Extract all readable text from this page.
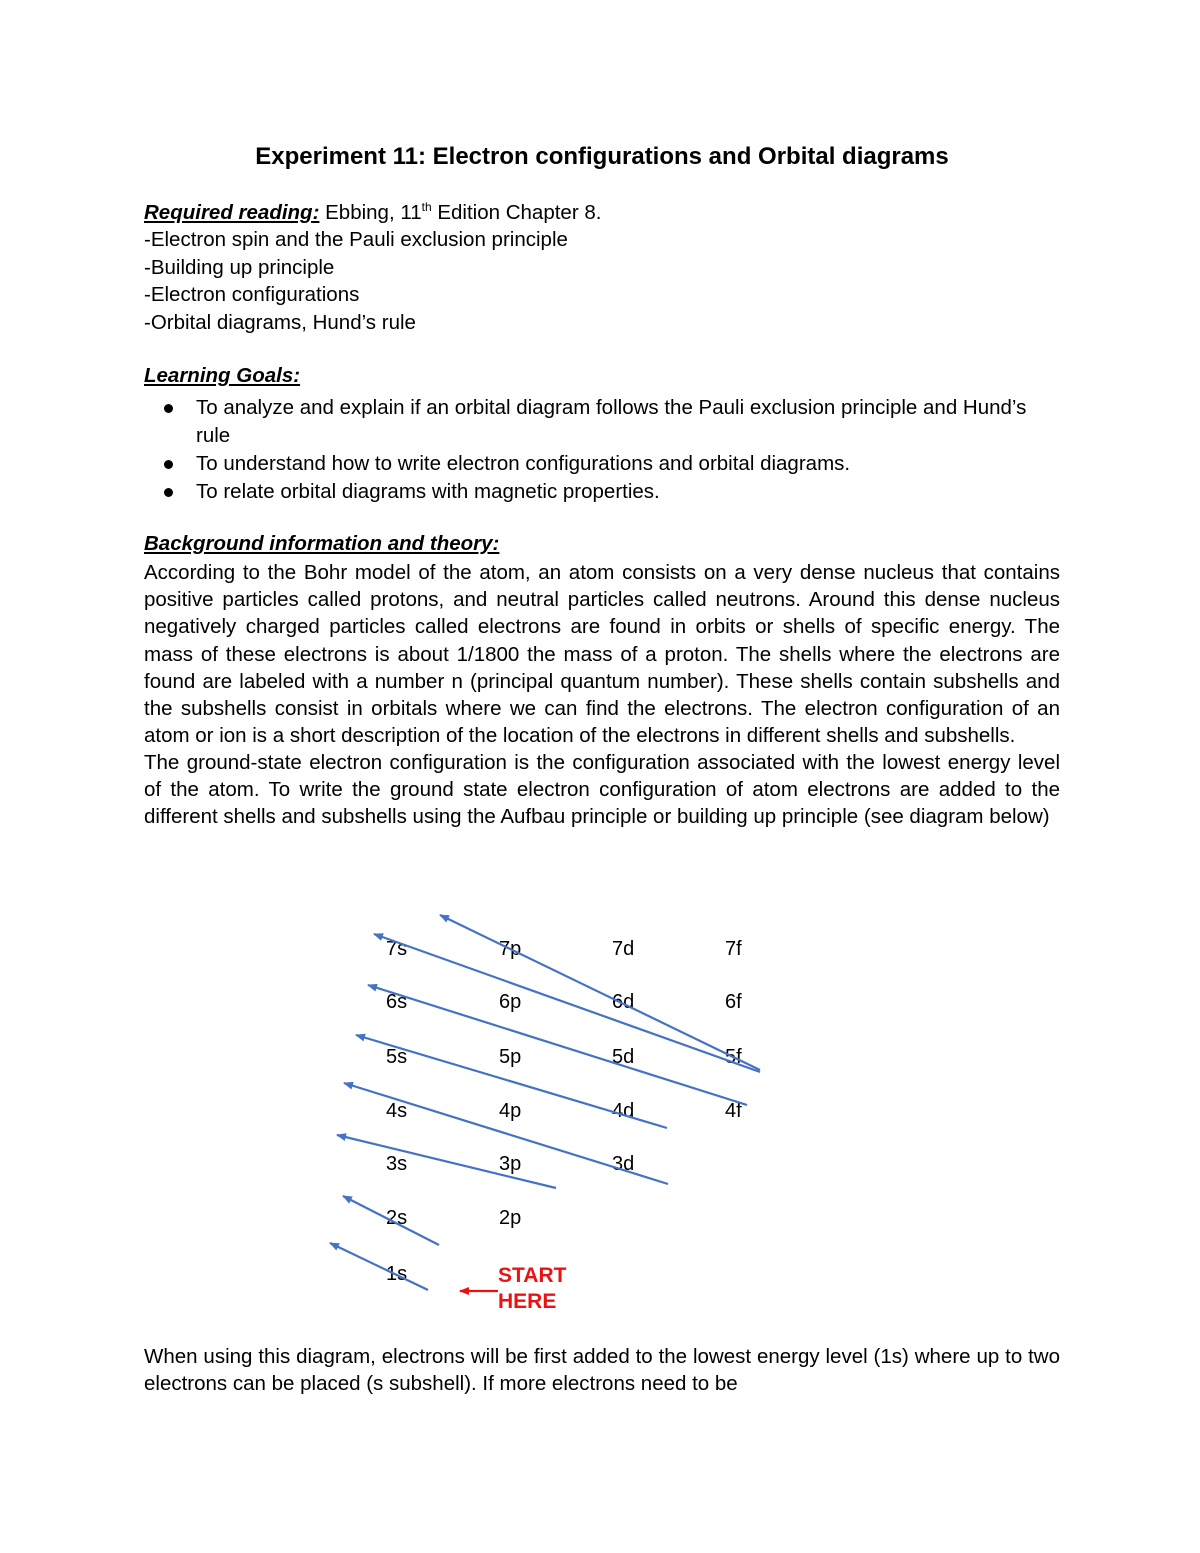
Experiment 11: Electron configurations and Orbital diagrams
Required reading: Ebbing, 11th Edition Chapter 8.
-Electron spin and the Pauli exclusion principle
-Building up principle
-Electron configurations
-Orbital diagrams, Hund’s rule
Learning Goals:
To analyze and explain if an orbital diagram follows the Pauli exclusion principle and Hund’s rule
To understand how to write electron configurations and orbital diagrams.
To relate orbital diagrams with magnetic properties.
Background information and theory:

According to the Bohr model of the atom, an atom consists on a very dense nucleus that contains positive particles called protons, and neutral particles called neutrons. Around this dense nucleus negatively charged particles called electrons are found in orbits or shells of specific energy. The mass of these electrons is about 1/1800 the mass of a proton. The shells where the electrons are found are labeled with a number n (principal quantum number). These shells contain subshells and the subshells consist in orbitals where we can find the electrons. The electron configuration of an atom or ion is a short description of the location of the electrons in different shells and subshells.

The ground-state electron configuration is the configuration associated with the lowest energy level of the atom. To write the ground state electron configuration of atom electrons are added to the different shells and subshells using the Aufbau principle or building up principle (see diagram below)

When using this diagram, electrons will be first added to the lowest energy level (1s) where up to two electrons can be placed (s subshell). If more electrons need to be

7s	7p	7d	7f
6s	6p	6d	6f
5s	5p	5d	5f
4s	4p	4d	4f
3s	3p	3d
2s	2p
1s	START
HERE
